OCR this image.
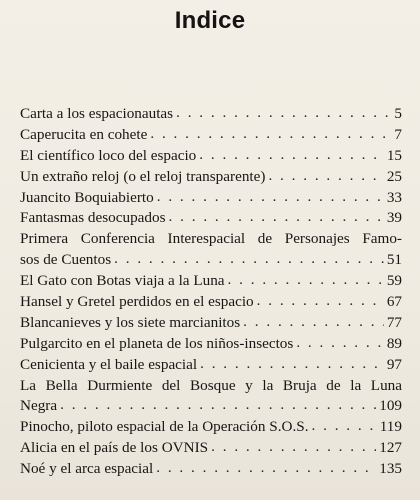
Indice
Carta a los espacionautas . . .	5
Caperucita en cohete . . .	7
El científico loco del espacio . . .	15
Un extraño reloj (o el reloj transparente) . . .	25
Juancito Boquiabierto . . .	33
Fantasmas desocupados . . .	39
Primera Conferencia Interespacial de Personajes Famo-
sos de Cuentos . . .	51
El Gato con Botas viaja a la Luna . . .	59
Hansel y Gretel perdidos en el espacio . . .	67
Blancanieves y los siete marcianitos . . .	77
Pulgarcito en el planeta de los niños-insectos . . .	89
Cenicienta y el baile espacial . . .	97
La Bella Durmiente del Bosque y la Bruja de la Luna
Negra . . .	109
Pinocho, piloto espacial de la Operación S.O.S. . . .	119
Alicia en el país de los OVNIS . . .	127
Noé y el arca espacial . . .	135
